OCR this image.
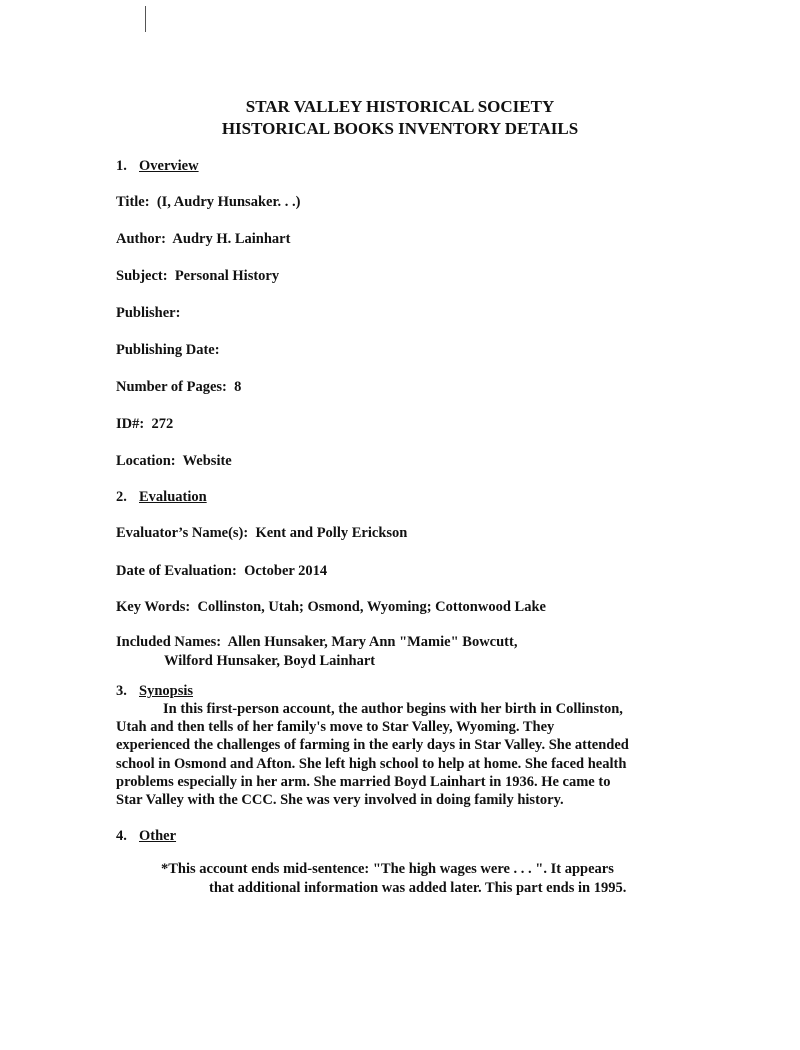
STAR VALLEY HISTORICAL SOCIETY
HISTORICAL BOOKS INVENTORY DETAILS
1. Overview
Title: (I, Audry Hunsaker. . .)
Author: Audry H. Lainhart
Subject: Personal History
Publisher:
Publishing Date:
Number of Pages: 8
ID#: 272
Location: Website
2. Evaluation
Evaluator’s Name(s): Kent and Polly Erickson
Date of Evaluation: October 2014
Key Words: Collinston, Utah; Osmond, Wyoming; Cottonwood Lake
Included Names: Allen Hunsaker, Mary Ann "Mamie" Bowcutt,
Wilford Hunsaker, Boyd Lainhart
3. Synopsis
In this first-person account, the author begins with her birth in Collinston,
Utah and then tells of her family's move to Star Valley, Wyoming. They
experienced the challenges of farming in the early days in Star Valley. She attended
school in Osmond and Afton. She left high school to help at home. She faced health
problems especially in her arm. She married Boyd Lainhart in 1936. He came to
Star Valley with the CCC. She was very involved in doing family history.
4. Other
*This account ends mid-sentence: "The high wages were . . . ". It appears
that additional information was added later. This part ends in 1995.
